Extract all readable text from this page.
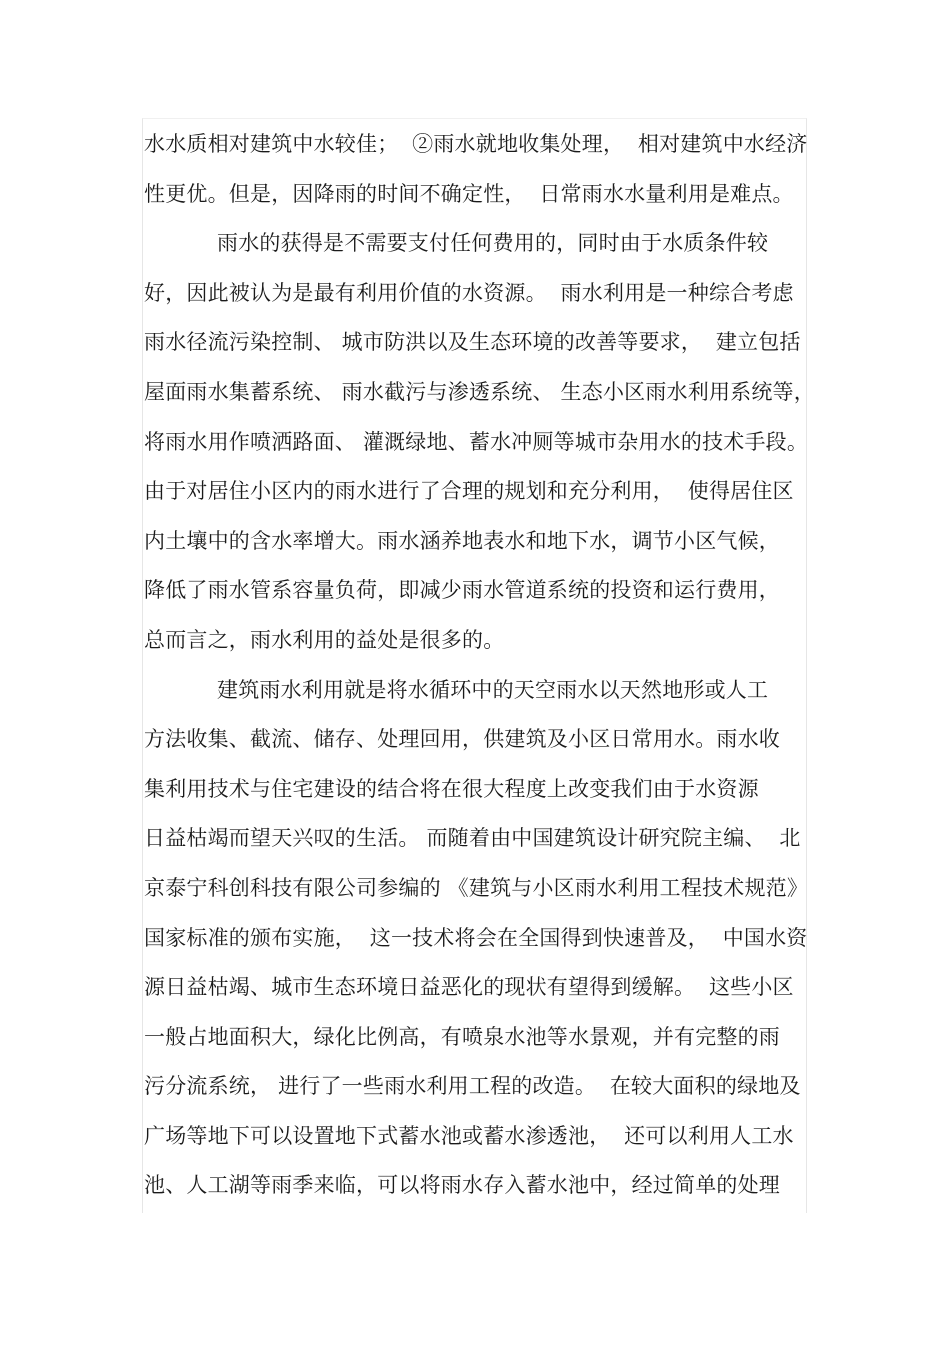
水水质相对建筑中水较佳；  ②雨水就地收集处理，  相对建筑中水经济
性更优。但是，因降雨的时间不确定性，  日常雨水水量利用是难点。
雨水的获得是不需要支付任何费用的，同时由于水质条件较
好，因此被认为是最有利用价值的水资源。  雨水利用是一种综合考虑
雨水径流污染控制、 城市防洪以及生态环境的改善等要求，  建立包括
屋面雨水集蓄系统、 雨水截污与渗透系统、 生态小区雨水利用系统等，
将雨水用作喷洒路面、 灌溉绿地、蓄水冲厕等城市杂用水的技术手段。
由于对居住小区内的雨水进行了合理的规划和充分利用，  使得居住区
内土壤中的含水率增大。雨水涵养地表水和地下水，调节小区气候，
降低了雨水管系容量负荷，即减少雨水管道系统的投资和运行费用，
总而言之，雨水利用的益处是很多的。
建筑雨水利用就是将水循环中的天空雨水以天然地形或人工
方法收集、截流、储存、处理回用，供建筑及小区日常用水。雨水收
集利用技术与住宅建设的结合将在很大程度上改变我们由于水资源
日益枯竭而望天兴叹的生活。 而随着由中国建筑设计研究院主编、  北
京泰宁科创科技有限公司参编的 《建筑与小区雨水利用工程技术规范》
国家标准的颁布实施，  这一技术将会在全国得到快速普及，  中国水资
源日益枯竭、城市生态环境日益恶化的现状有望得到缓解。  这些小区
一般占地面积大，绿化比例高，有喷泉水池等水景观，并有完整的雨
污分流系统， 进行了一些雨水利用工程的改造。  在较大面积的绿地及
广场等地下可以设置地下式蓄水池或蓄水渗透池，  还可以利用人工水
池、人工湖等雨季来临，可以将雨水存入蓄水池中，经过简单的处理
